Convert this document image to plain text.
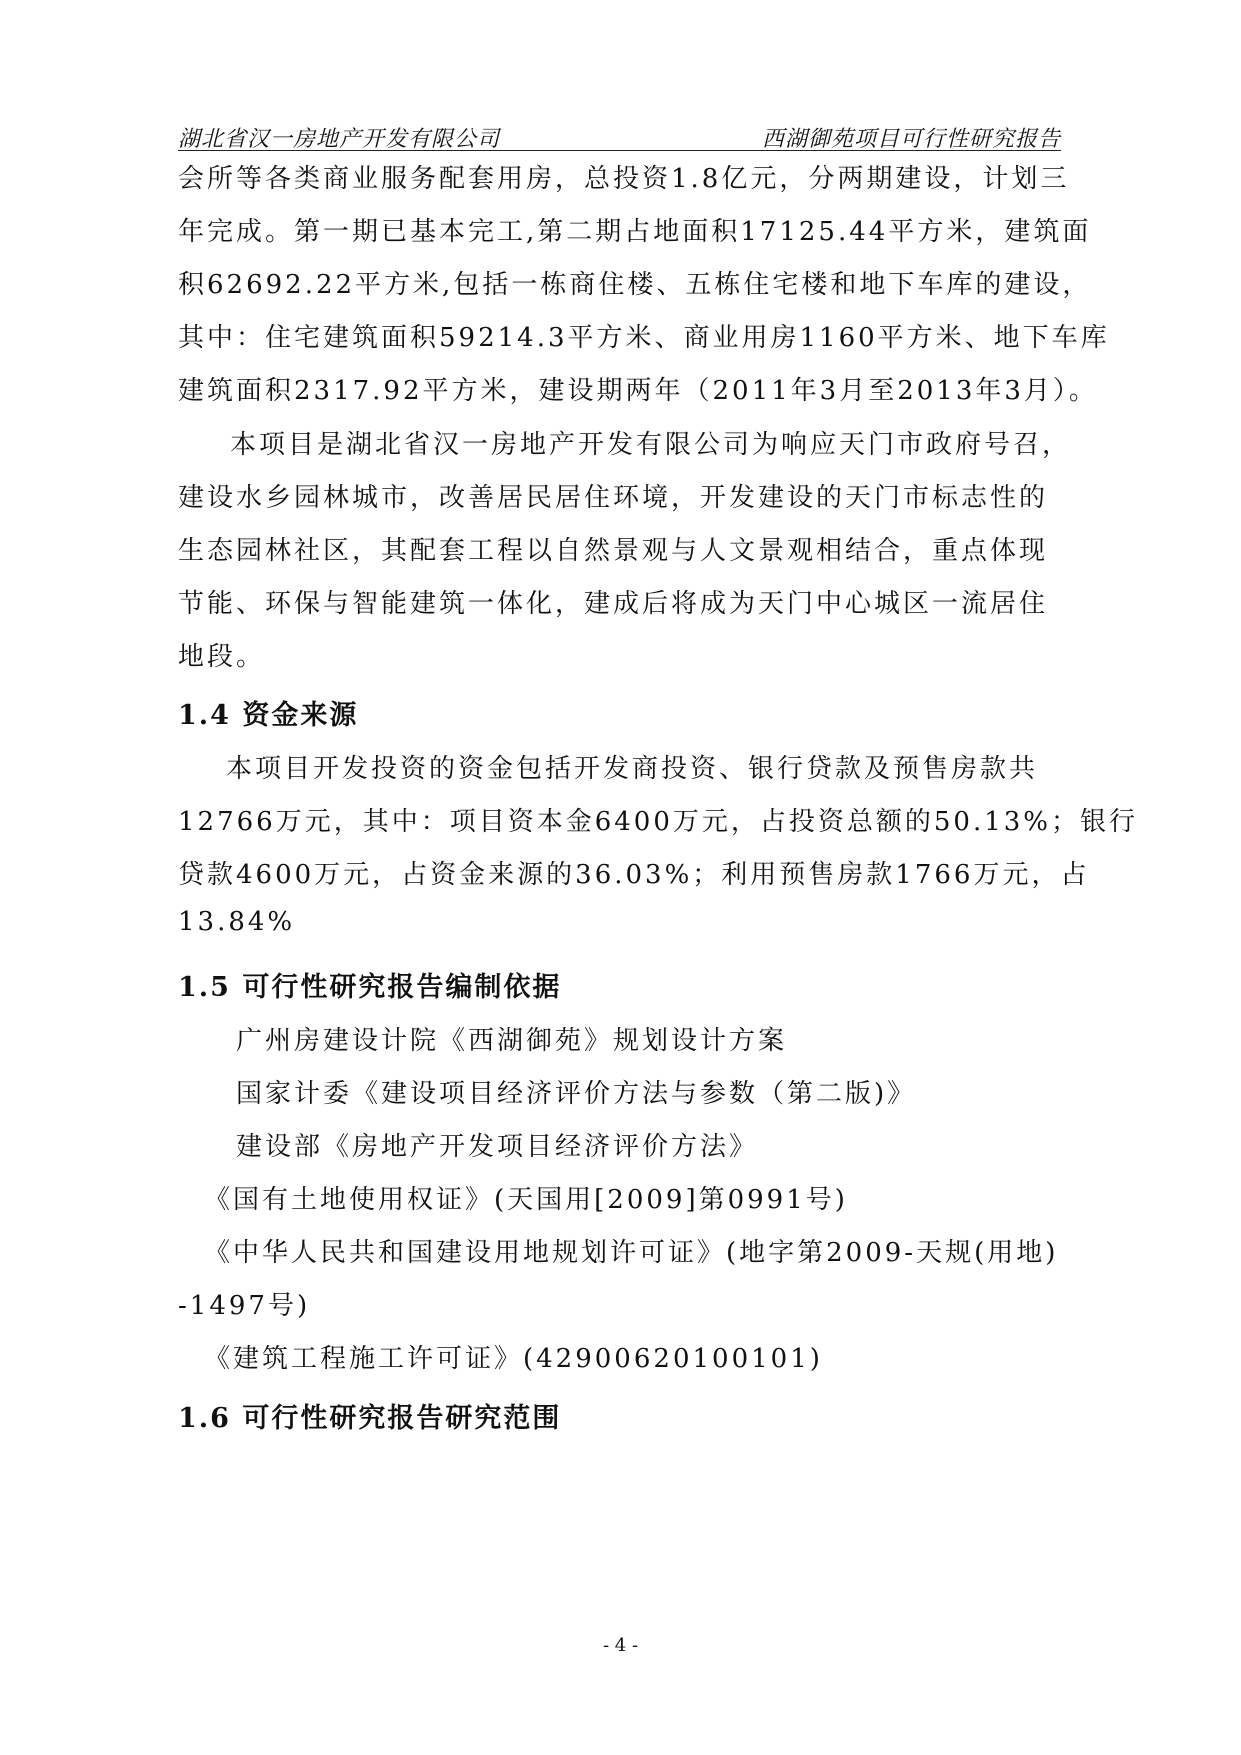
湖北省汉一房地产开发有限公司	西湖御苑项目可行性研究报告
会所等各类商业服务配套用房，总投资1.8亿元，分两期建设，计划三
年完成。第一期已基本完工,第二期占地面积17125.44平方米，建筑面
积62692.22平方米,包括一栋商住楼、五栋住宅楼和地下车库的建设，
其中：住宅建筑面积59214.3平方米、商业用房1160平方米、地下车库
建筑面积2317.92平方米，建设期两年（2011年3月至2013年3月）。
本项目是湖北省汉一房地产开发有限公司为响应天门市政府号召，
建设水乡园林城市，改善居民居住环境，开发建设的天门市标志性的
生态园林社区，其配套工程以自然景观与人文景观相结合，重点体现
节能、环保与智能建筑一体化，建成后将成为天门中心城区一流居住
地段。
1.4 资金来源
本项目开发投资的资金包括开发商投资、银行贷款及预售房款共
12766万元，其中：项目资本金6400万元，占投资总额的50.13%；银行
贷款4600万元，占资金来源的36.03%；利用预售房款1766万元，占
13.84%
1.5 可行性研究报告编制依据
广州房建设计院《西湖御苑》规划设计方案
国家计委《建设项目经济评价方法与参数（第二版)》
建设部《房地产开发项目经济评价方法》
《国有土地使用权证》(天国用[2009]第0991号)
《中华人民共和国建设用地规划许可证》(地字第2009-天规(用地)
-1497号)
《建筑工程施工许可证》(42900620100101)
1.6 可行性研究报告研究范围
- 4 -
